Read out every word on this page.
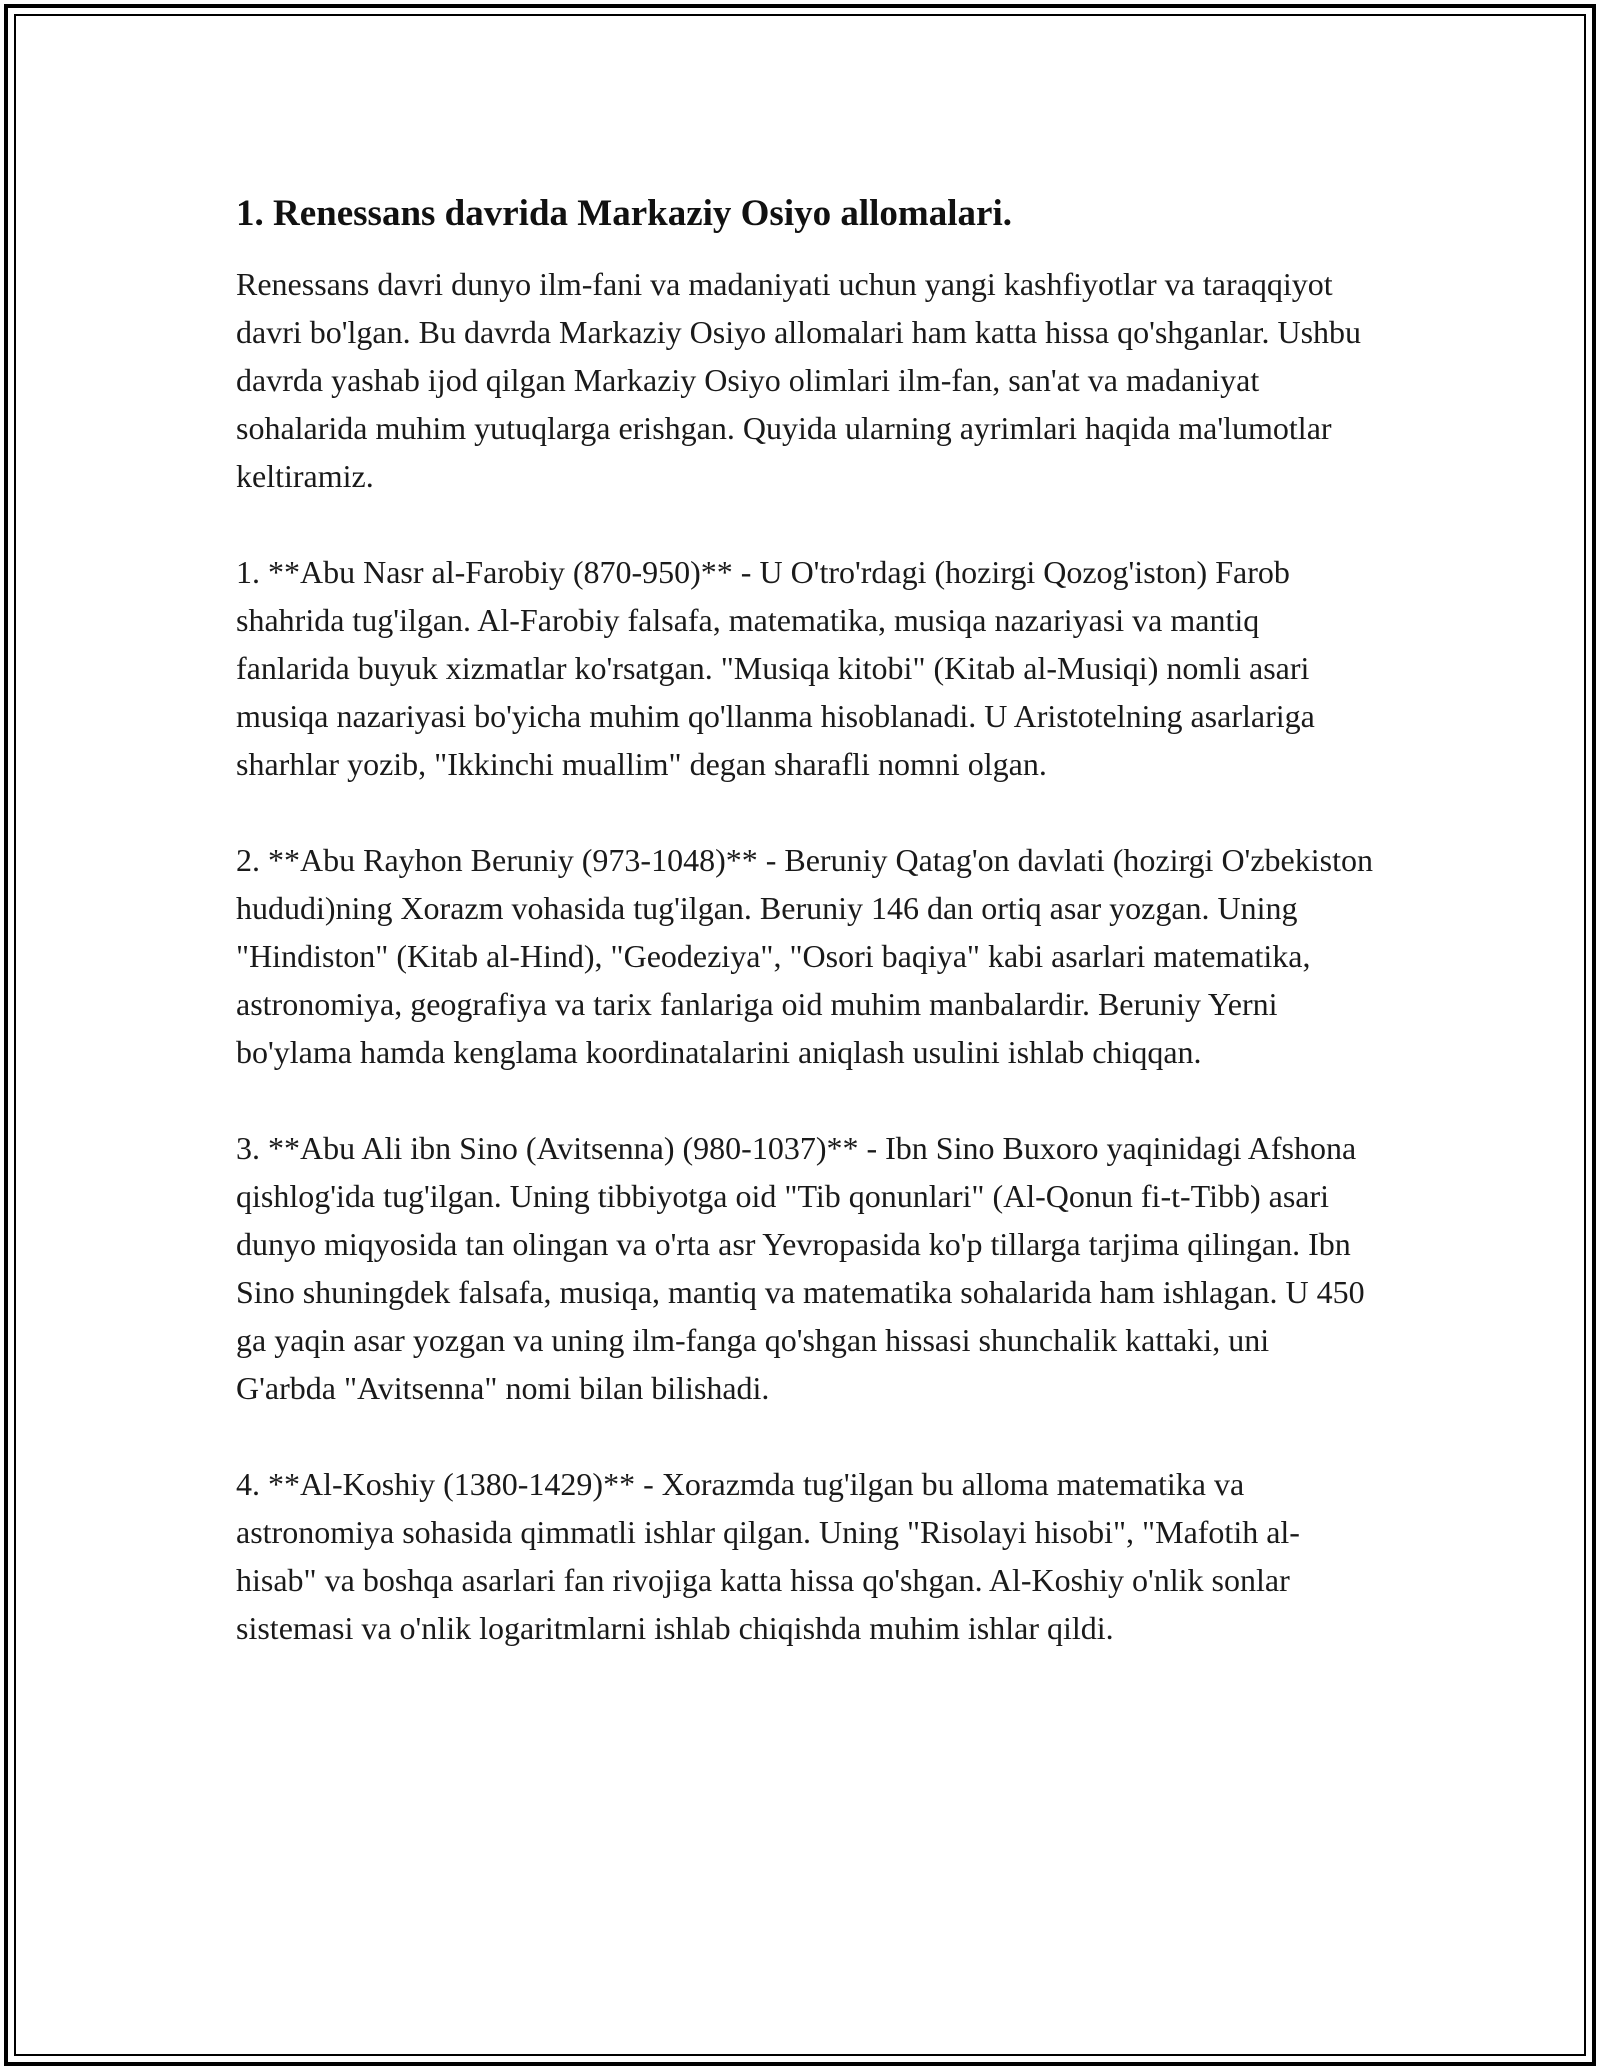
1. Renessans davrida Markaziy Osiyo allomalari.

Renessans davri dunyo ilm-fani va madaniyati uchun yangi kashfiyotlar va taraqqiyot davri bo'lgan. Bu davrda Markaziy Osiyo allomalari ham katta hissa qo'shganlar. Ushbu davrda yashab ijod qilgan Markaziy Osiyo olimlari ilm-fan, san'at va madaniyat sohalarida muhim yutuqlarga erishgan. Quyida ularning ayrimlari haqida ma'lumotlar keltiramiz.

1. **Abu Nasr al-Farobiy (870-950)** - U O'tro'rdagi (hozirgi Qozog'iston) Farob shahrida tug'ilgan. Al-Farobiy falsafa, matematika, musiqa nazariyasi va mantiq fanlarida buyuk xizmatlar ko'rsatgan. "Musiqa kitobi" (Kitab al-Musiqi) nomli asari musiqa nazariyasi bo'yicha muhim qo'llanma hisoblanadi. U Aristotelning asarlariga sharhlar yozib, "Ikkinchi muallim" degan sharafli nomni olgan.

2. **Abu Rayhon Beruniy (973-1048)** - Beruniy Qatag'on davlati (hozirgi O'zbekiston hududi)ning Xorazm vohasida tug'ilgan. Beruniy 146 dan ortiq asar yozgan. Uning "Hindiston" (Kitab al-Hind), "Geodeziya", "Osori baqiya" kabi asarlari matematika, astronomiya, geografiya va tarix fanlariga oid muhim manbalardir. Beruniy Yerni bo'ylama hamda kenglama koordinatalarini aniqlash usulini ishlab chiqqan.

3. **Abu Ali ibn Sino (Avitsenna) (980-1037)** - Ibn Sino Buxoro yaqinidagi Afshona qishlog'ida tug'ilgan. Uning tibbiyotga oid "Tib qonunlari" (Al-Qonun fi-t-Tibb) asari dunyo miqyosida tan olingan va o'rta asr Yevropasida ko'p tillarga tarjima qilingan. Ibn Sino shuningdek falsafa, musiqa, mantiq va matematika sohalarida ham ishlagan. U 450 ga yaqin asar yozgan va uning ilm-fanga qo'shgan hissasi shunchalik kattaki, uni G'arbda "Avitsenna" nomi bilan bilishadi.

4. **Al-Koshiy (1380-1429)** - Xorazmda tug'ilgan bu alloma matematika va astronomiya sohasida qimmatli ishlar qilgan. Uning "Risolayi hisobi", "Mafotih al-hisab" va boshqa asarlari fan rivojiga katta hissa qo'shgan. Al-Koshiy o'nlik sonlar sistemasi va o'nlik logaritmlarni ishlab chiqishda muhim ishlar qildi.
